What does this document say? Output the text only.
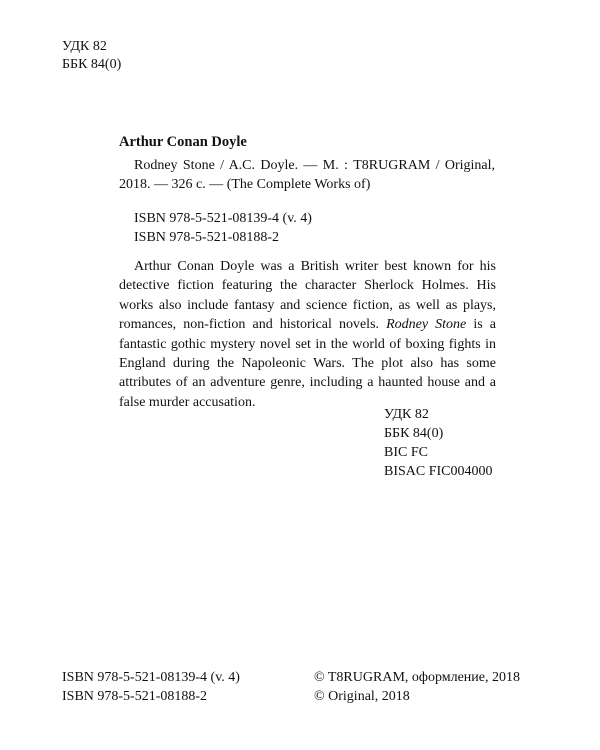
УДК 82
ББК 84(0)
Arthur Conan Doyle
Rodney Stone / A.C. Doyle. — М. : T8RUGRAM / Original,
2018. — 326 c. — (The Complete Works of)
ISBN 978-5-521-08139-4 (v. 4)
ISBN 978-5-521-08188-2

Arthur Conan Doyle was a British writer best known for his detective fiction featuring the character Sherlock Holmes. His works also include fantasy and science fiction, as well as plays, romances, non-fiction and historical novels. Rodney Stone is a fantastic gothic mystery novel set in the world of boxing fights in England during the Napoleonic Wars. The plot also has some attributes of an adventure genre, including a haunted house and a false murder accusation.

УДК 82
ББК 84(0)
BIC FC
BISAC FIC004000
ISBN 978-5-521-08139-4 (v. 4)
ISBN 978-5-521-08188-2
© T8RUGRAM, оформление, 2018
© Original, 2018
